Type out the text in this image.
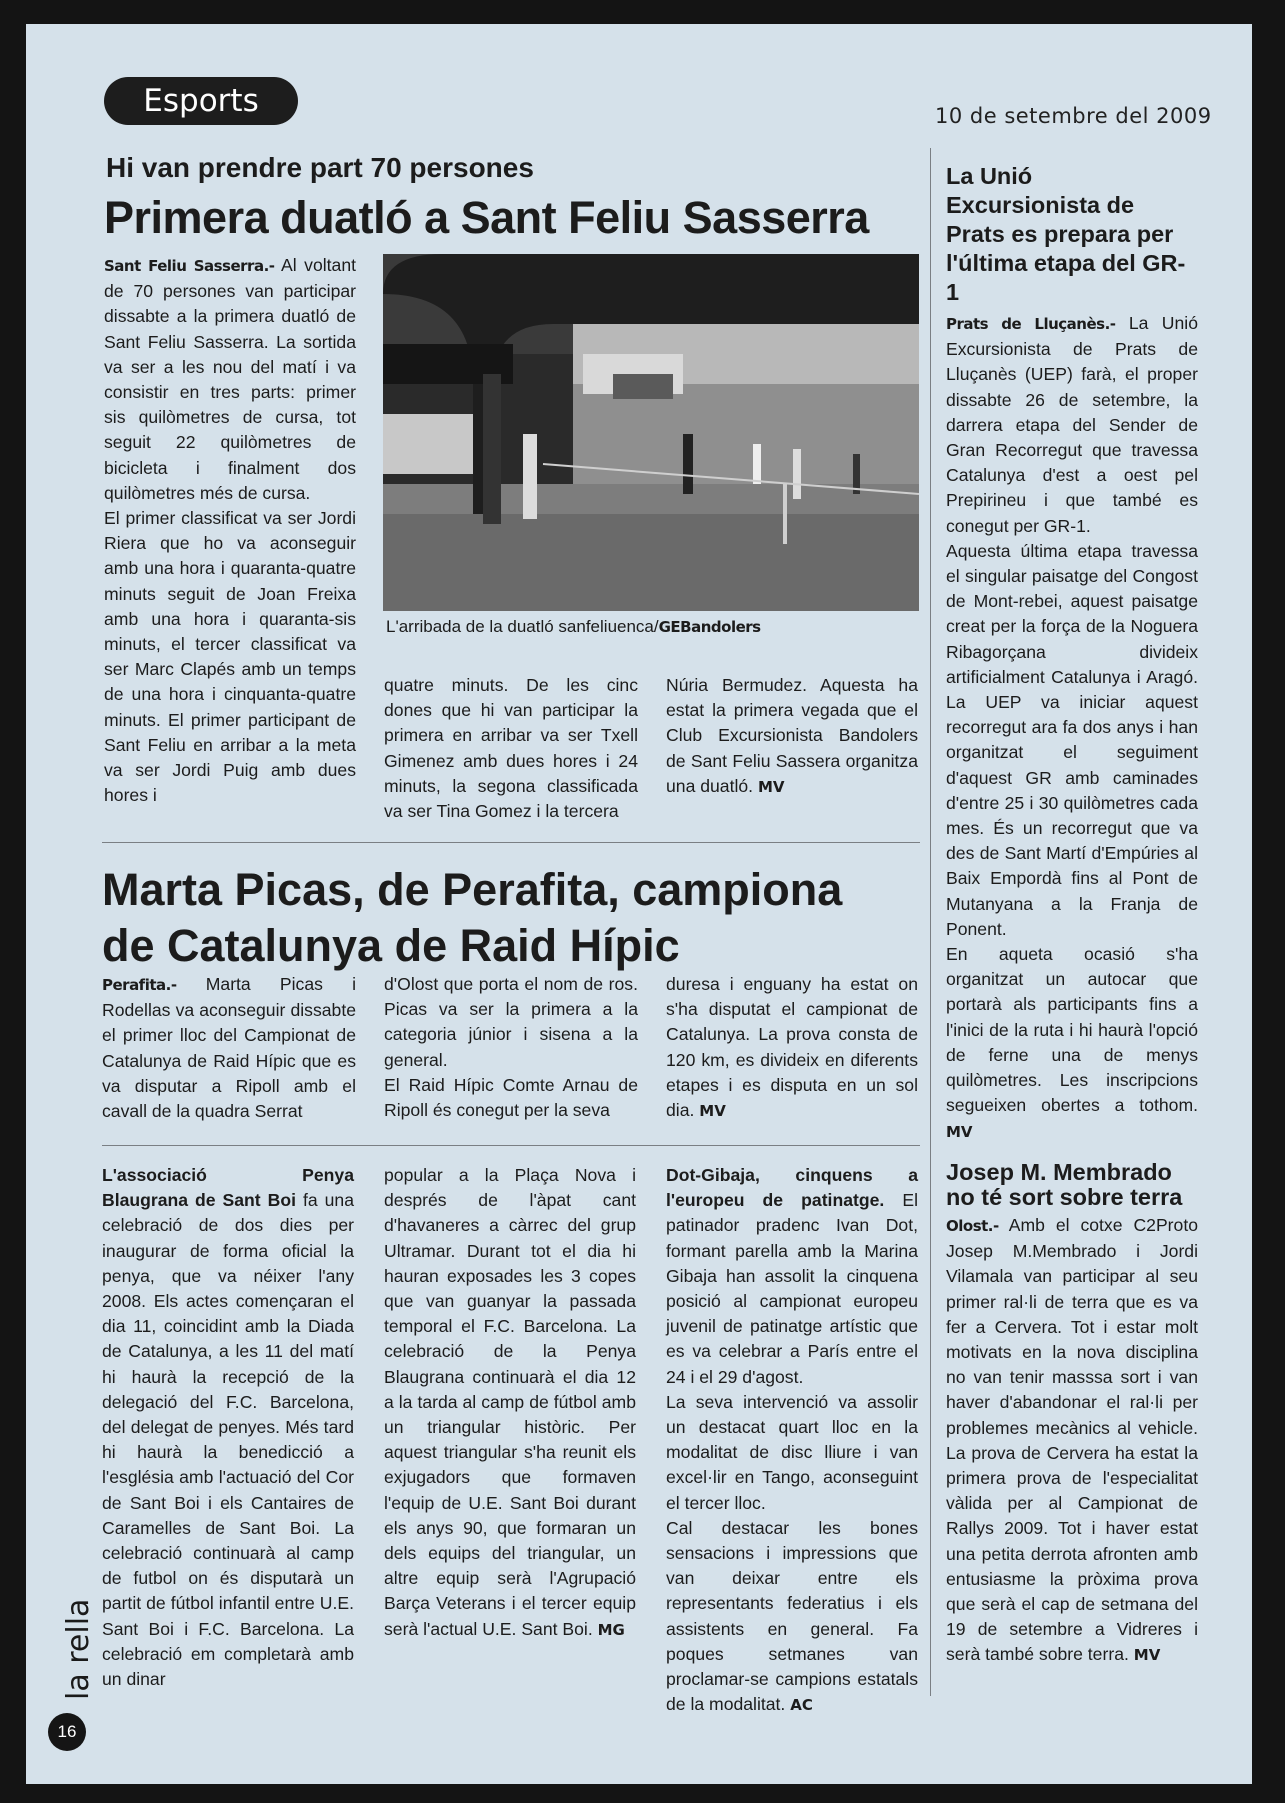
Esports	10 de setembre del 2009
Hi van prendre part 70 persones
Primera duatló a Sant Feliu Sasserra

Sant Feliu Sasserra.- Al voltant de 70 persones van participar dissabte a la primera duatló de Sant Feliu Sasserra. La sortida va ser a les nou del matí i va consistir en tres parts: primer sis quilòmetres de cursa, tot seguit 22 quilòmetres de bicicleta i finalment dos quilòmetres més de cursa.

El primer classificat va ser Jordi Riera que ho va aconseguir amb una hora i quaranta-quatre minuts seguit de Joan Freixa amb una hora i quaranta-sis minuts, el tercer classificat va ser Marc Clapés amb un temps de una hora i cinquanta-quatre minuts. El primer participant de Sant Feliu en arribar a la meta va ser Jordi Puig amb dues hores i

L'arribada de la duatló sanfeliuenca/GEBandolers

quatre minuts. De les cinc dones que hi van participar la primera en arribar va ser Txell Gimenez amb dues hores i 24 minuts, la segona classificada va ser Tina Gomez i la tercera

Núria Bermudez. Aquesta ha estat la primera vegada que el Club Excursionista Bandolers de Sant Feliu Sassera organitza una duatló. MV

Marta Picas, de Perafita, campiona de Catalunya de Raid Hípic

Perafita.- Marta Picas i Rodellas va aconseguir dissabte el primer lloc del Campionat de Catalunya de Raid Hípic que es va disputar a Ripoll amb el cavall de la quadra Serrat

d'Olost que porta el nom de ros. Picas va ser la primera a la categoria júnior i sisena a la general.

El Raid Hípic Comte Arnau de Ripoll és conegut per la seva

duresa i enguany ha estat on s'ha disputat el campionat de Catalunya. La prova consta de 120 km, es divideix en diferents etapes i es disputa en un sol dia. MV

L'associació Penya Blaugrana de Sant Boi fa una celebració de dos dies per inaugurar de forma oficial la penya, que va néixer l'any 2008. Els actes començaran el dia 11, coincidint amb la Diada de Catalunya, a les 11 del matí hi haurà la recepció de la delegació del F.C. Barcelona, del delegat de penyes. Més tard hi haurà la benedicció a l'església amb l'actuació del Cor de Sant Boi i els Cantaires de Caramelles de Sant Boi. La celebració continuarà al camp de futbol on és disputarà un partit de fútbol infantil entre U.E. Sant Boi i F.C. Barcelona. La celebració em completarà amb un dinar

popular a la Plaça Nova i després de l'àpat cant d'havaneres a càrrec del grup Ultramar. Durant tot el dia hi hauran exposades les 3 copes que van guanyar la passada temporal el F.C. Barcelona. La celebració de la Penya Blaugrana continuarà el dia 12 a la tarda al camp de fútbol amb un triangular històric. Per aquest triangular s'ha reunit els exjugadors que formaven l'equip de U.E. Sant Boi durant els anys 90, que formaran un dels equips del triangular, un altre equip serà l'Agrupació Barça Veterans i el tercer equip serà l'actual U.E. Sant Boi. MG

Dot-Gibaja, cinquens a l'europeu de patinatge. El patinador pradenc Ivan Dot, formant parella amb la Marina Gibaja han assolit la cinquena posició al campionat europeu juvenil de patinatge artístic que es va celebrar a París entre el 24 i el 29 d'agost.

La seva intervenció va assolir un destacat quart lloc en la modalitat de disc lliure i van excel·lir en Tango, aconseguint el tercer lloc.

Cal destacar les bones sensacions i impressions que van deixar entre els representants federatius i els assistents en general. Fa poques setmanes van proclamar-se campions estatals de la modalitat. AC

La Unió Excursionista de Prats es prepara per l'última etapa del GR-1

Prats de Lluçanès.- La Unió Excursionista de Prats de Lluçanès (UEP) farà, el proper dissabte 26 de setembre, la darrera etapa del Sender de Gran Recorregut que travessa Catalunya d'est a oest pel Prepirineu i que també es conegut per GR-1.

Aquesta última etapa travessa el singular paisatge del Congost de Mont-rebei, aquest paisatge creat per la força de la Noguera Ribagorçana divideix artificialment Catalunya i Aragó. La UEP va iniciar aquest recorregut ara fa dos anys i han organitzat el seguiment d'aquest GR amb caminades d'entre 25 i 30 quilòmetres cada mes. És un recorregut que va des de Sant Martí d'Empúries al Baix Empordà fins al Pont de Mutanyana a la Franja de Ponent.

En aqueta ocasió s'ha organitzat un autocar que portarà als participants fins a l'inici de la ruta i hi haurà l'opció de ferne una de menys quilòmetres. Les inscripcions segueixen obertes a tothom. MV

Josep M. Membrado no té sort sobre terra

Olost.- Amb el cotxe C2Proto Josep M.Membrado i Jordi Vilamala van participar al seu primer ral·li de terra que es va fer a Cervera. Tot i estar molt motivats en la nova disciplina no van tenir masssa sort i van haver d'abandonar el ral·li per problemes mecànics al vehicle. La prova de Cervera ha estat la primera prova de l'especialitat vàlida per al Campionat de Rallys 2009. Tot i haver estat una petita derrota afronten amb entusiasme la pròxima prova que serà el cap de setmana del 19 de setembre a Vidreres i serà també sobre terra. MV

la rella
16
